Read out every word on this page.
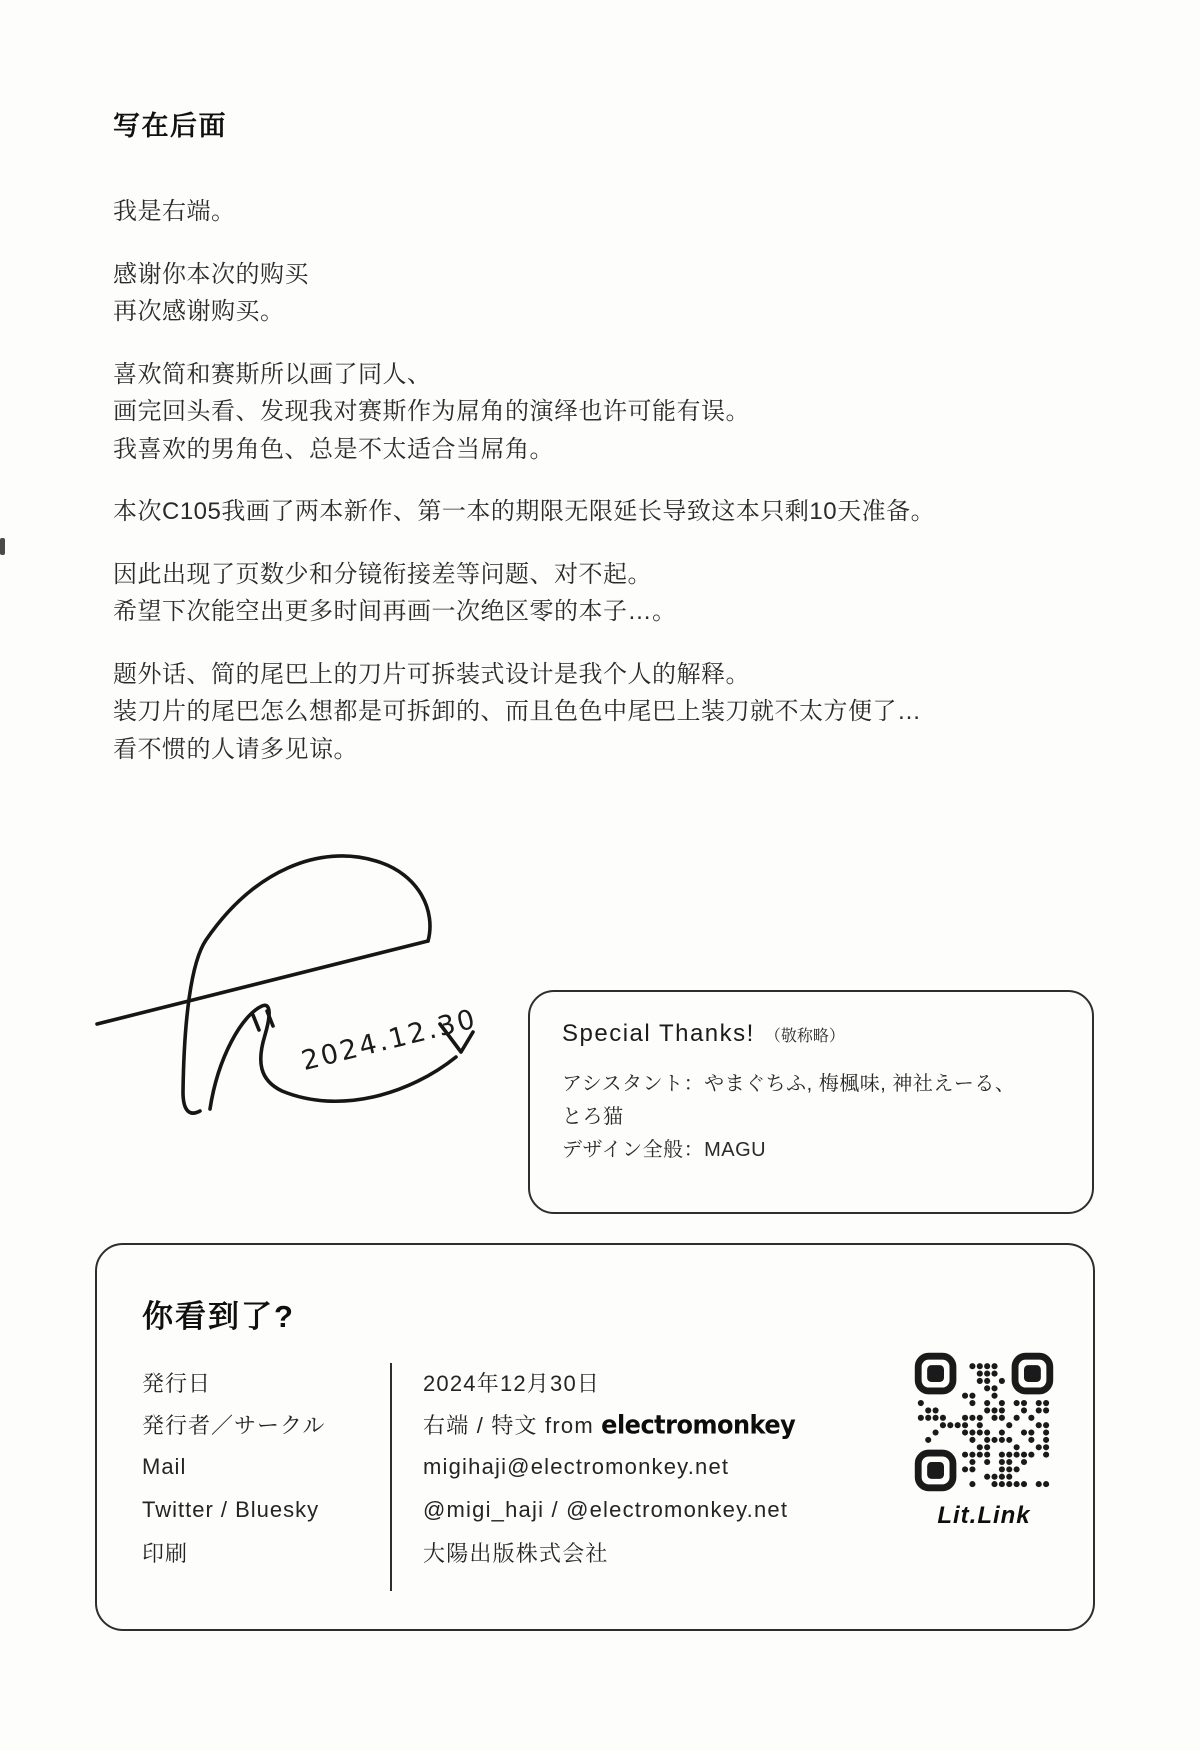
写在后面

我是右端。

感谢你本次的购买
再次感谢购买。

喜欢简和赛斯所以画了同人、
画完回头看、发现我对赛斯作为屌角的演绎也许可能有误。
我喜欢的男角色、总是不太适合当屌角。

本次C105我画了两本新作、第一本的期限无限延长导致这本只剩10天准备。

因此出现了页数少和分镜衔接差等问题、对不起。
希望下次能空出更多时间再画一次绝区零的本子…。

题外话、简的尾巴上的刀片可拆装式设计是我个人的解释。
装刀片的尾巴怎么想都是可拆卸的、而且色色中尾巴上装刀就不太方便了…
看不惯的人请多见谅。

2024.12.30	Special Thanks! （敬称略）

アシスタント：やまぐちふ, 梅楓味, 神社えーる、

とろ猫

デザイン全般：MAGU

你看到了?
発行日	2024年12月30日
発行者／サークル	右端 / 特文 from electromonkey
Mail	migihaji@electromonkey.net
Twitter / Bluesky	@migi_haji / @electromonkey.net
印刷	大陽出版株式会社
Lit.Link
